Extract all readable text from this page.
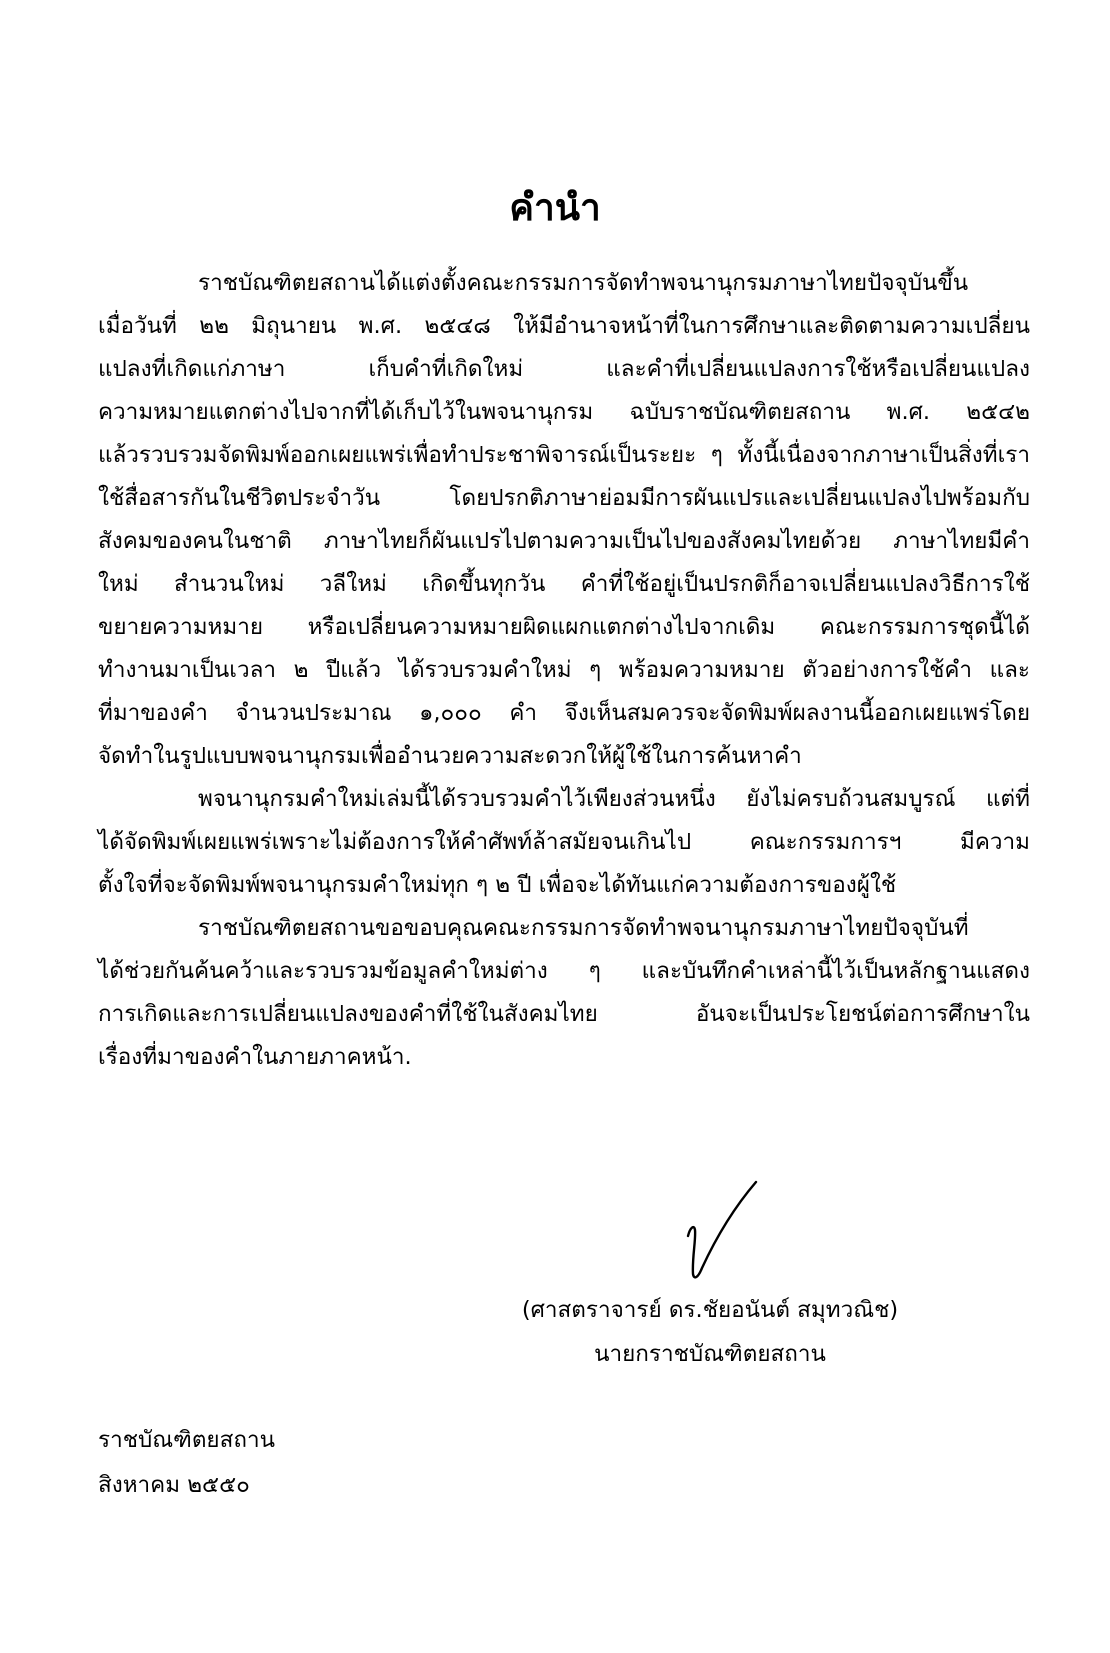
คำนำ
ราชบัณฑิตยสถานได้แต่งตั้งคณะกรรมการจัดทำพจนานุกรมภาษาไทยปัจจุบันขึ้น
เมื่อวันที่ ๒๒ มิถุนายน พ.ศ. ๒๕๔๘ ให้มีอำนาจหน้าที่ในการศึกษาและติดตามความเปลี่ยน
แปลงที่เกิดแก่ภาษา เก็บคำที่เกิดใหม่ และคำที่เปลี่ยนแปลงการใช้หรือเปลี่ยนแปลง
ความหมายแตกต่างไปจากที่ได้เก็บไว้ในพจนานุกรม ฉบับราชบัณฑิตยสถาน พ.ศ. ๒๕๔๒
แล้วรวบรวมจัดพิมพ์ออกเผยแพร่เพื่อทำประชาพิจารณ์เป็นระยะ ๆ ทั้งนี้เนื่องจากภาษาเป็นสิ่งที่เรา
ใช้สื่อสารกันในชีวิตประจำวัน โดยปรกติภาษาย่อมมีการผันแปรและเปลี่ยนแปลงไปพร้อมกับ
สังคมของคนในชาติ ภาษาไทยก็ผันแปรไปตามความเป็นไปของสังคมไทยด้วย ภาษาไทยมีคำ
ใหม่ สำนวนใหม่ วลีใหม่ เกิดขึ้นทุกวัน คำที่ใช้อยู่เป็นปรกติก็อาจเปลี่ยนแปลงวิธีการใช้
ขยายความหมาย หรือเปลี่ยนความหมายผิดแผกแตกต่างไปจากเดิม คณะกรรมการชุดนี้ได้
ทำงานมาเป็นเวลา ๒ ปีแล้ว ได้รวบรวมคำใหม่ ๆ พร้อมความหมาย ตัวอย่างการใช้คำ และ
ที่มาของคำ จำนวนประมาณ ๑,๐๐๐ คำ จึงเห็นสมควรจะจัดพิมพ์ผลงานนี้ออกเผยแพร่โดย
จัดทำในรูปแบบพจนานุกรมเพื่ออำนวยความสะดวกให้ผู้ใช้ในการค้นหาคำ
พจนานุกรมคำใหม่เล่มนี้ได้รวบรวมคำไว้เพียงส่วนหนึ่ง ยังไม่ครบถ้วนสมบูรณ์ แต่ที่
ได้จัดพิมพ์เผยแพร่เพราะไม่ต้องการให้คำศัพท์ล้าสมัยจนเกินไป คณะกรรมการฯ มีความ
ตั้งใจที่จะจัดพิมพ์พจนานุกรมคำใหม่ทุก ๆ ๒ ปี เพื่อจะได้ทันแก่ความต้องการของผู้ใช้
ราชบัณฑิตยสถานขอขอบคุณคณะกรรมการจัดทำพจนานุกรมภาษาไทยปัจจุบันที่
ได้ช่วยกันค้นคว้าและรวบรวมข้อมูลคำใหม่ต่าง ๆ และบันทึกคำเหล่านี้ไว้เป็นหลักฐานแสดง
การเกิดและการเปลี่ยนแปลงของคำที่ใช้ในสังคมไทย อันจะเป็นประโยชน์ต่อการศึกษาใน
เรื่องที่มาของคำในภายภาคหน้า.
(ศาสตราจารย์ ดร.ชัยอนันต์ สมุทวณิช)
นายกราชบัณฑิตยสถาน
ราชบัณฑิตยสถาน
สิงหาคม ๒๕๕๐
